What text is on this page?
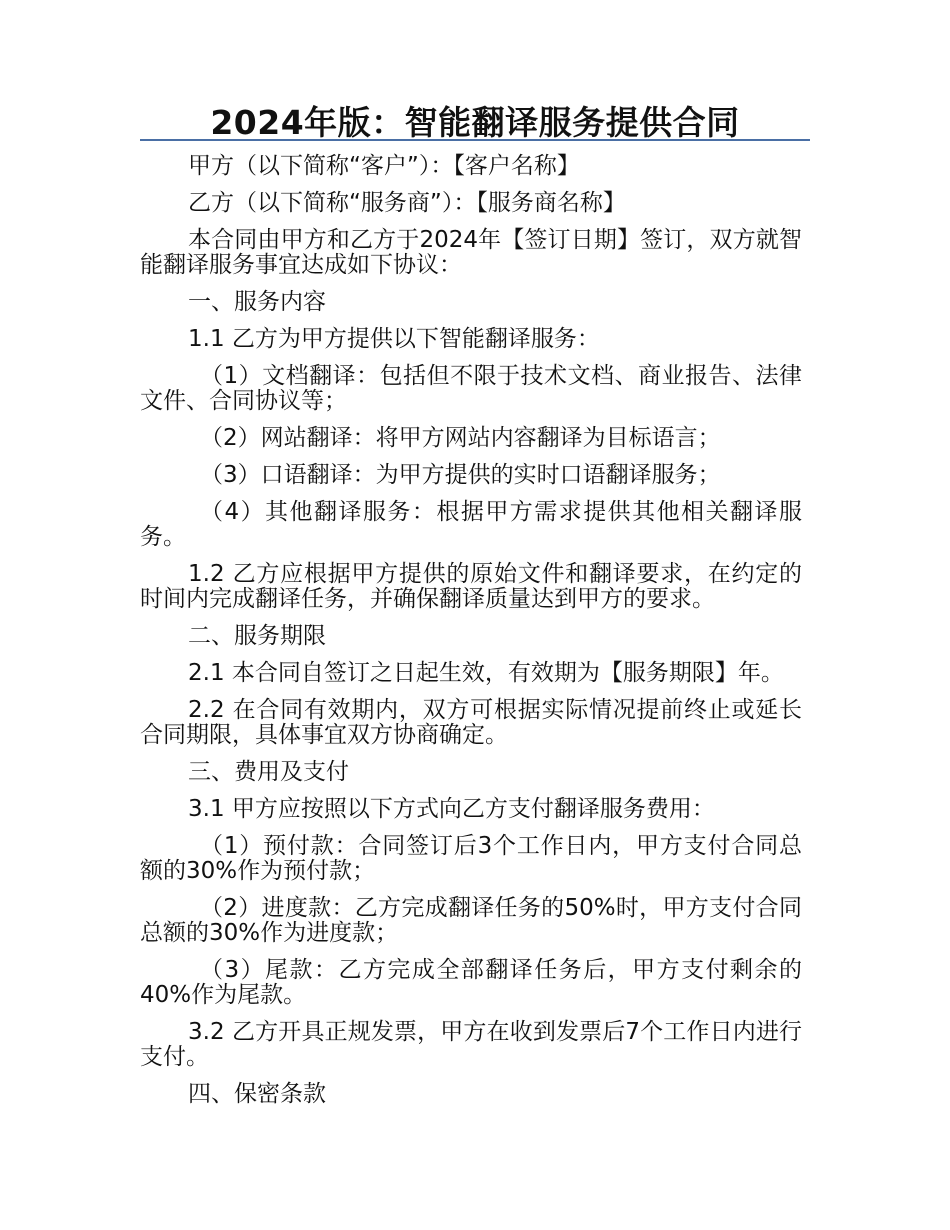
2024年版：智能翻译服务提供合同

甲方（以下简称“客户”）：【客户名称】

乙方（以下简称“服务商”）：【服务商名称】

本合同由甲方和乙方于2024年【签订日期】签订，双方就智能翻译服务事宜达成如下协议：

一、服务内容

1.1 乙方为甲方提供以下智能翻译服务：

（1）文档翻译：包括但不限于技术文档、商业报告、法律文件、合同协议等；

（2）网站翻译：将甲方网站内容翻译为目标语言；

（3）口语翻译：为甲方提供的实时口语翻译服务；

（4）其他翻译服务：根据甲方需求提供其他相关翻译服务。

1.2 乙方应根据甲方提供的原始文件和翻译要求，在约定的时间内完成翻译任务，并确保翻译质量达到甲方的要求。

二、服务期限

2.1 本合同自签订之日起生效，有效期为【服务期限】年。

2.2 在合同有效期内，双方可根据实际情况提前终止或延长合同期限，具体事宜双方协商确定。

三、费用及支付

3.1 甲方应按照以下方式向乙方支付翻译服务费用：

（1）预付款：合同签订后3个工作日内，甲方支付合同总额的30%作为预付款；

（2）进度款：乙方完成翻译任务的50%时，甲方支付合同总额的30%作为进度款；

（3）尾款：乙方完成全部翻译任务后，甲方支付剩余的40%作为尾款。

3.2 乙方开具正规发票，甲方在收到发票后7个工作日内进行支付。

四、保密条款
